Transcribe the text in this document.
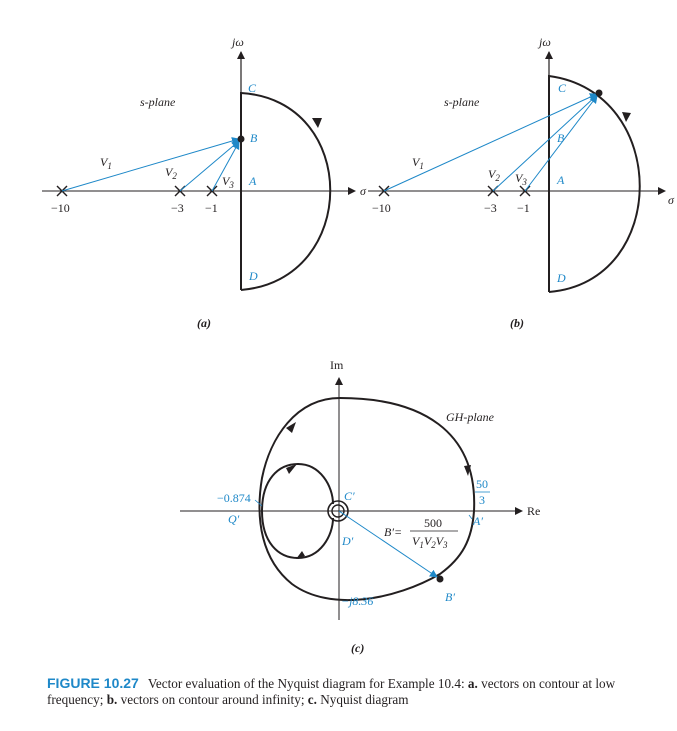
jω
σ
s-plane
$V_1$	$V_2$	$V_3$
C
B
A
D
−10	−3 −1
(a)
jω
σ
s-plane
$V_1$
$V_2$ $V_3$
C
B
A
D
−10	−3 −1
(b)
Im
Re
GH-plane
−0.874
Q′
C′
D′
A′
B′
50
3
B′=
500
$V_1V_2V_3$
−j8.36
(c)
FIGURE 10.27 Vector evaluation of the Nyquist diagram for Example 10.4: a. vectors on contour at low frequency; b. vectors on contour around infinity; c. Nyquist diagram
